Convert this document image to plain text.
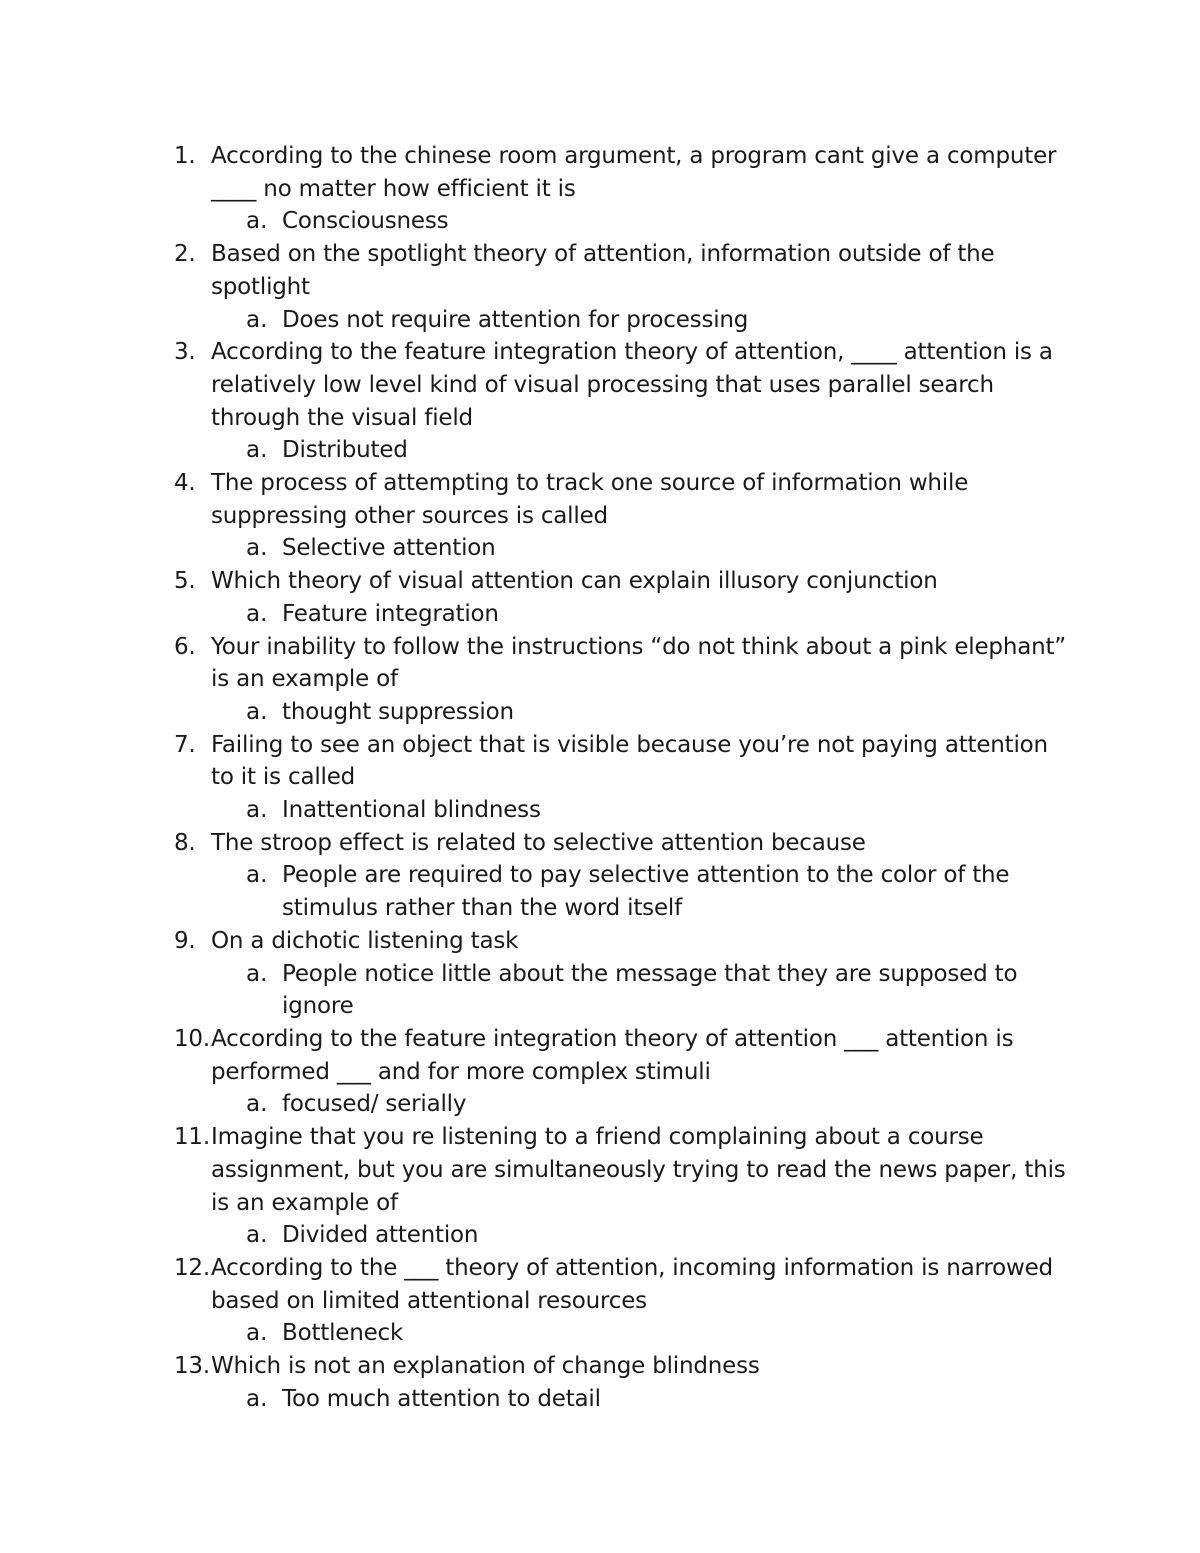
1. According to the chinese room argument, a program cant give a computer ____ no matter how efficient it is
a. Consciousness
2. Based on the spotlight theory of attention, information outside of the spotlight
a. Does not require attention for processing
3. According to the feature integration theory of attention, ____ attention is a relatively low level kind of visual processing that uses parallel search through the visual field
a. Distributed
4. The process of attempting to track one source of information while suppressing other sources is called
a. Selective attention
5. Which theory of visual attention can explain illusory conjunction
a. Feature integration
6. Your inability to follow the instructions “do not think about a pink elephant” is an example of
a. thought suppression
7. Failing to see an object that is visible because you’re not paying attention to it is called
a. Inattentional blindness
8. The stroop effect is related to selective attention because
a. People are required to pay selective attention to the color of the stimulus rather than the word itself
9. On a dichotic listening task
a. People notice little about the message that they are supposed to ignore
10. According to the feature integration theory of attention ___ attention is performed ___ and for more complex stimuli
a. focused/ serially
11. Imagine that you re listening to a friend complaining about a course assignment, but you are simultaneously trying to read the news paper, this is an example of
a. Divided attention
12. According to the ___ theory of attention, incoming information is narrowed based on limited attentional resources
a. Bottleneck
13. Which is not an explanation of change blindness
a. Too much attention to detail
